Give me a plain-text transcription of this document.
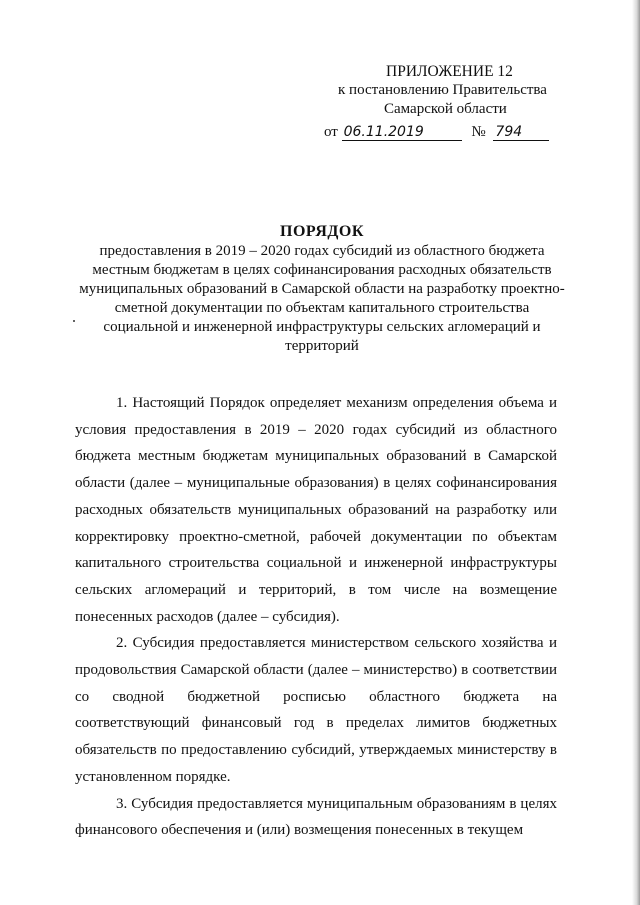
ПРИЛОЖЕНИЕ 12
к постановлению Правительства
Самарской области
от 06.11.2019	№ 794
ПОРЯДОК
предоставления в 2019 – 2020 годах субсидий из областного бюджета местным бюджетам в целях софинансирования расходных обязательств муниципальных образований в Самарской области на разработку проектно-сметной документации по объектам капитального строительства социальной и инженерной инфраструктуры сельских агломераций и территорий

1. Настоящий Порядок определяет механизм определения объема и условия предоставления в 2019 – 2020 годах субсидий из областного бюджета местным бюджетам муниципальных образований в Самарской области (далее – муниципальные образования) в целях софинансирования расходных обязательств муниципальных образований на разработку или корректировку проектно-сметной, рабочей документации по объектам капитального строительства социальной и инженерной инфраструктуры сельских агломераций и территорий, в том числе на возмещение понесенных расходов (далее – субсидия).

2. Субсидия предоставляется министерством сельского хозяйства и продовольствия Самарской области (далее – министерство) в соответствии со сводной бюджетной росписью областного бюджета на соответствующий финансовый год в пределах лимитов бюджетных обязательств по предоставлению субсидий, утверждаемых министерству в установленном порядке.

3. Субсидия предоставляется муниципальным образованиям в целях финансового обеспечения и (или) возмещения понесенных в текущем
